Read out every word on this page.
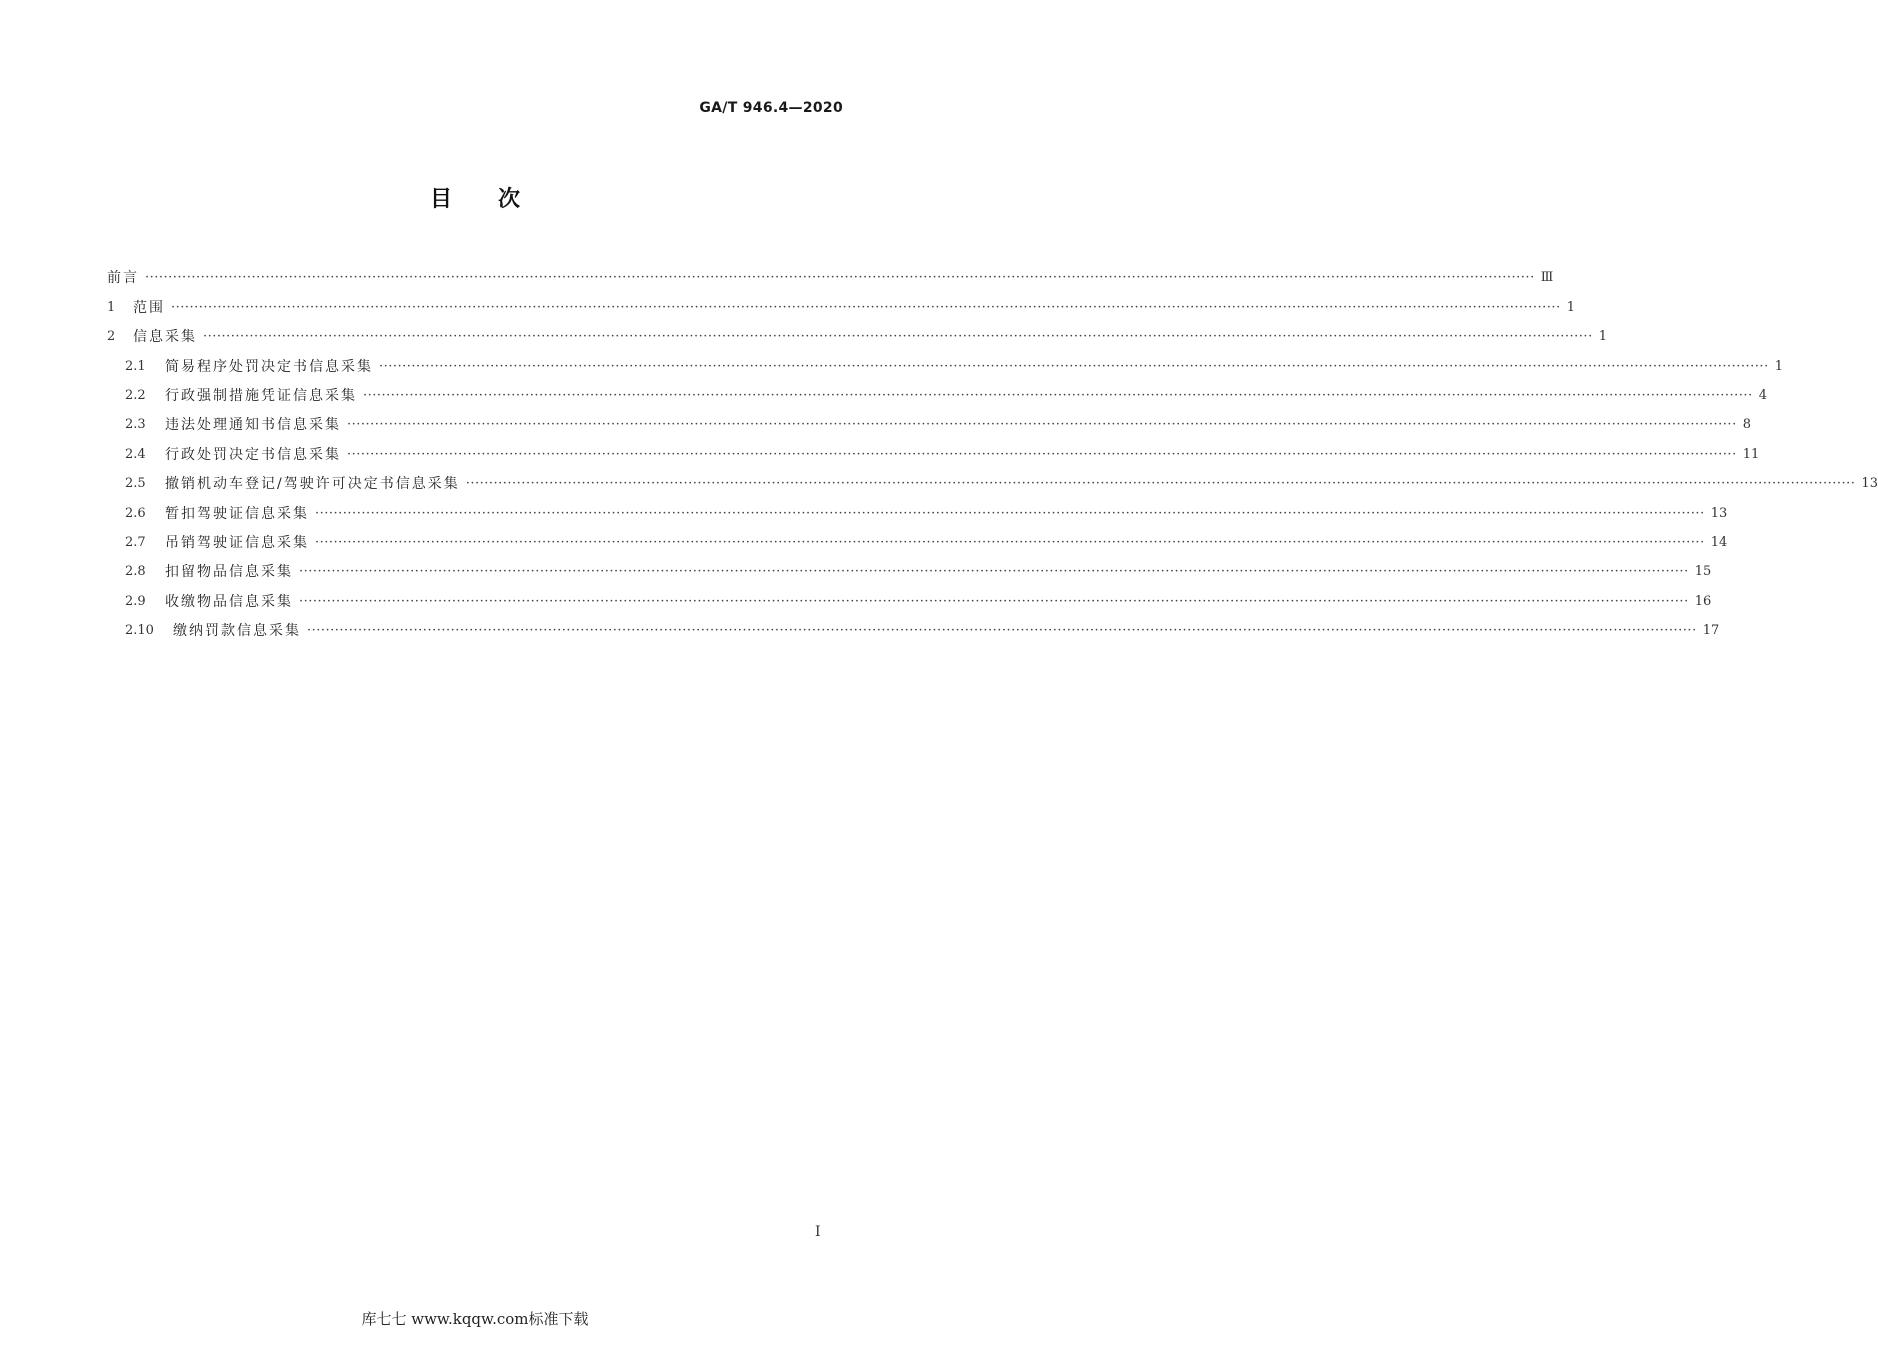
GA/T 946.4—2020
目次
前言 ············································································································································································································································································································ Ⅲ
1	范围 ············································································································································································································································································································ 1
2	信息采集 ············································································································································································································································································································ 1
2.1	简易程序处罚决定书信息采集 ············································································································································································································································································································ 1
2.2	行政强制措施凭证信息采集 ············································································································································································································································································································ 4
2.3	违法处理通知书信息采集 ············································································································································································································································································································ 8
2.4	行政处罚决定书信息采集 ············································································································································································································································································································ 11
2.5	撤销机动车登记/驾驶许可决定书信息采集 ············································································································································································································································································································ 13
2.6	暂扣驾驶证信息采集 ············································································································································································································································································································ 13
2.7	吊销驾驶证信息采集 ············································································································································································································································································································ 14
2.8	扣留物品信息采集 ············································································································································································································································································································ 15
2.9	收缴物品信息采集 ············································································································································································································································································································ 16
2.10	缴纳罚款信息采集 ············································································································································································································································································································ 17
I
库七七 www.kqqw.com标准下载
